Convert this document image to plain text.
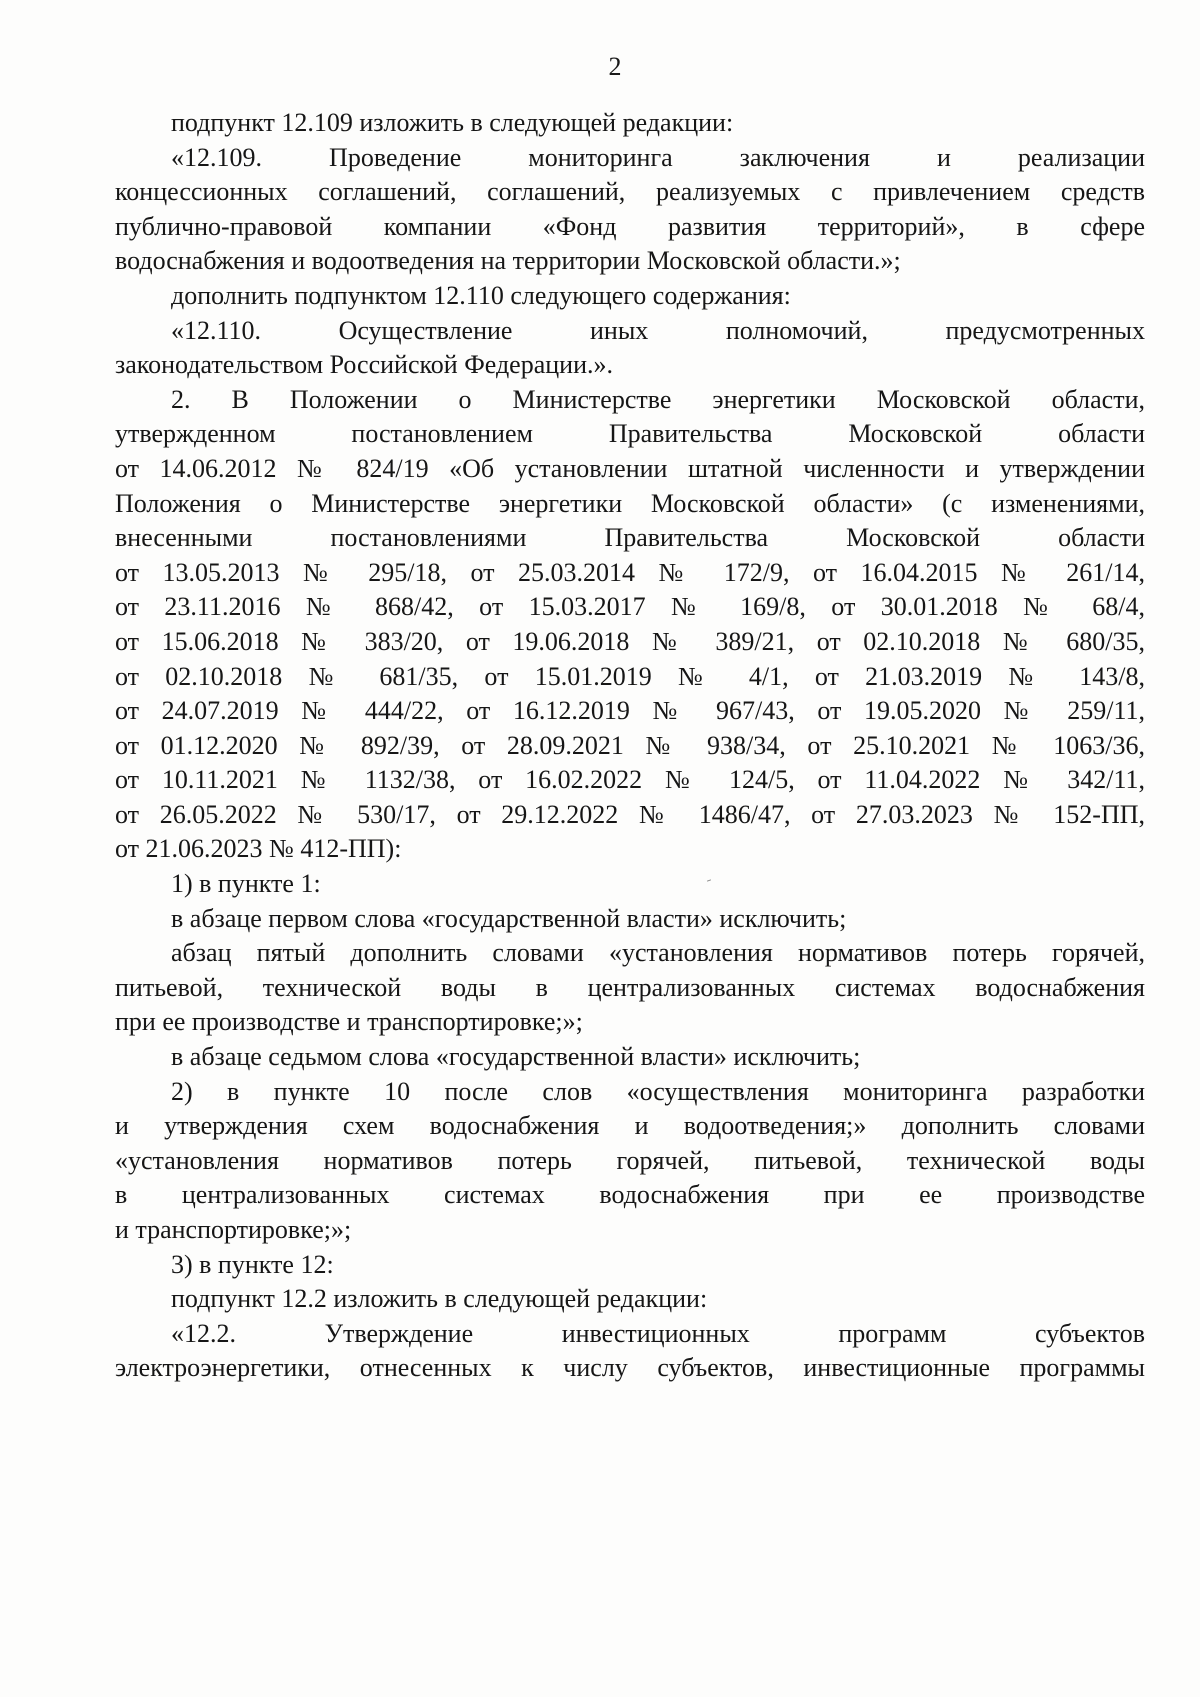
2
подпункт 12.109 изложить в следующей редакции:
«12.109. Проведение мониторинга заключения и реализации
концессионных соглашений, соглашений, реализуемых с привлечением средств
публично-правовой компании «Фонд развития территорий», в сфере
водоснабжения и водоотведения на территории Московской области.»;
дополнить подпунктом 12.110 следующего содержания:
«12.110. Осуществление иных полномочий, предусмотренных
законодательством Российской Федерации.».
2. В Положении о Министерстве энергетики Московской области,
утвержденном постановлением Правительства Московской области
от 14.06.2012 № 824/19 «Об установлении штатной численности и утверждении
Положения о Министерстве энергетики Московской области» (с изменениями,
внесенными постановлениями Правительства Московской области
от 13.05.2013 № 295/18, от 25.03.2014 № 172/9, от 16.04.2015 № 261/14,
от 23.11.2016 № 868/42, от 15.03.2017 № 169/8, от 30.01.2018 № 68/4,
от 15.06.2018 № 383/20, от 19.06.2018 № 389/21, от 02.10.2018 № 680/35,
от 02.10.2018 № 681/35, от 15.01.2019 № 4/1, от 21.03.2019 № 143/8,
от 24.07.2019 № 444/22, от 16.12.2019 № 967/43, от 19.05.2020 № 259/11,
от 01.12.2020 № 892/39, от 28.09.2021 № 938/34, от 25.10.2021 № 1063/36,
от 10.11.2021 № 1132/38, от 16.02.2022 № 124/5, от 11.04.2022 № 342/11,
от 26.05.2022 № 530/17, от 29.12.2022 № 1486/47, от 27.03.2023 № 152-ПП,
от 21.06.2023 № 412-ПП):
1) в пункте 1:
в абзаце первом слова «государственной власти» исключить;
абзац пятый дополнить словами «установления нормативов потерь горячей,
питьевой, технической воды в централизованных системах водоснабжения
при ее производстве и транспортировке;»;
в абзаце седьмом слова «государственной власти» исключить;
2) в пункте 10 после слов «осуществления мониторинга разработки
и утверждения схем водоснабжения и водоотведения;» дополнить словами
«установления нормативов потерь горячей, питьевой, технической воды
в централизованных системах водоснабжения при ее производстве
и транспортировке;»;
3) в пункте 12:
подпункт 12.2 изложить в следующей редакции:
«12.2. Утверждение инвестиционных программ субъектов
электроэнергетики, отнесенных к числу субъектов, инвестиционные программы
